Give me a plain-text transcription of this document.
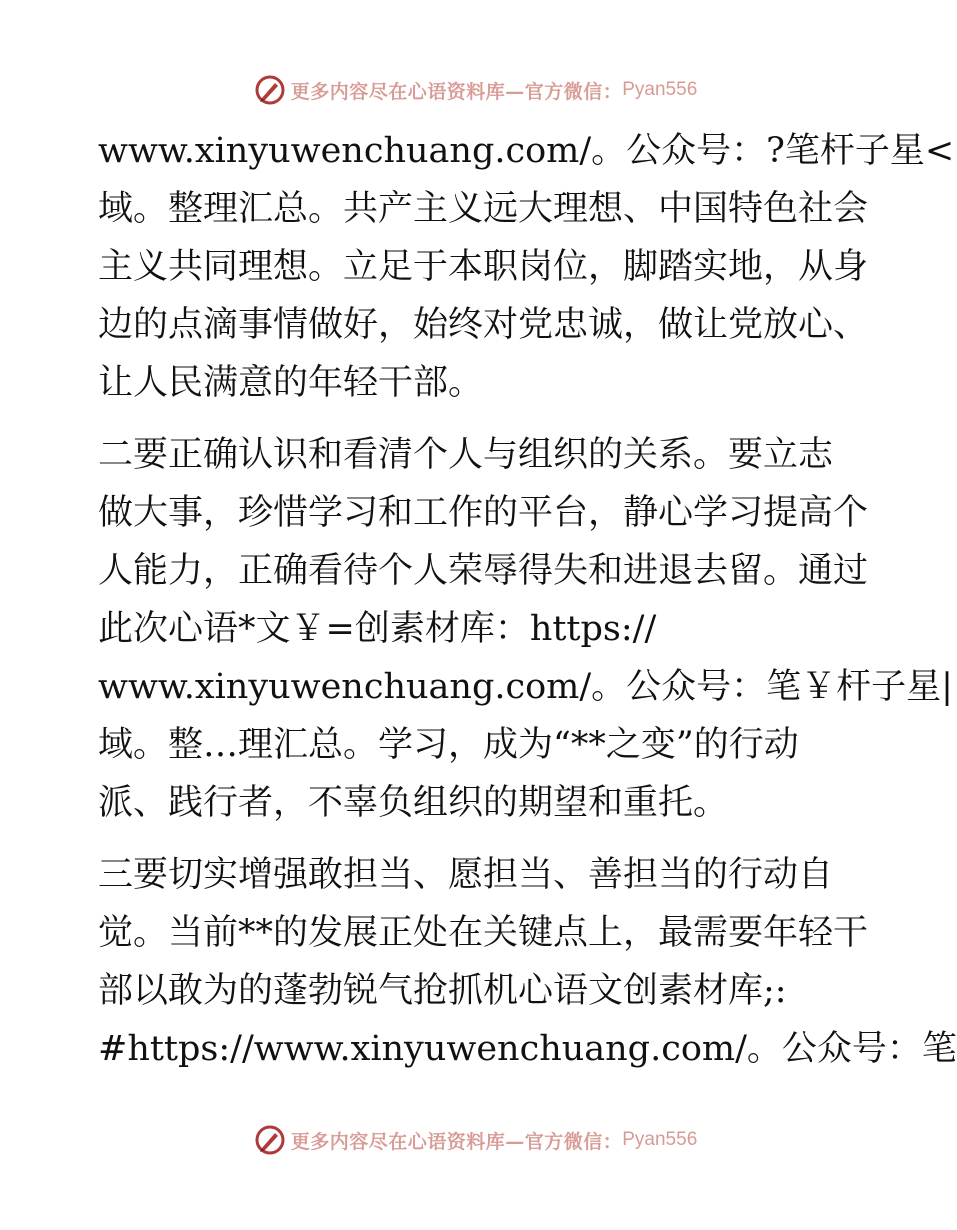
更多内容尽在心语资料库—官方微信： Pyan556
www.xinyuwenchuang.com/。公众号：?笔杆子星<
域。整理汇总。共产主义远大理想、中国特色社会
主义共同理想。立足于本职岗位，脚踏实地，从身
边的点滴事情做好，始终对党忠诚，做让党放心、
让人民满意的年轻干部。
二要正确认识和看清个人与组织的关系。要立志
做大事，珍惜学习和工作的平台，静心学习提高个
人能力，正确看待个人荣辱得失和进退去留。通过
此次心语*文￥=创素材库：https://
www.xinyuwenchuang.com/。公众号：笔￥杆子星|
域。整…理汇总。学习，成为“**之变”的行动
派、践行者，不辜负组织的期望和重托。
三要切实增强敢担当、愿担当、善担当的行动自
觉。当前**的发展正处在关键点上，最需要年轻干
部以敢为的蓬勃锐气抢抓机心语文创素材库;:
#https://www.xinyuwenchuang.com/。公众号：笔
更多内容尽在心语资料库—官方微信： Pyan556
